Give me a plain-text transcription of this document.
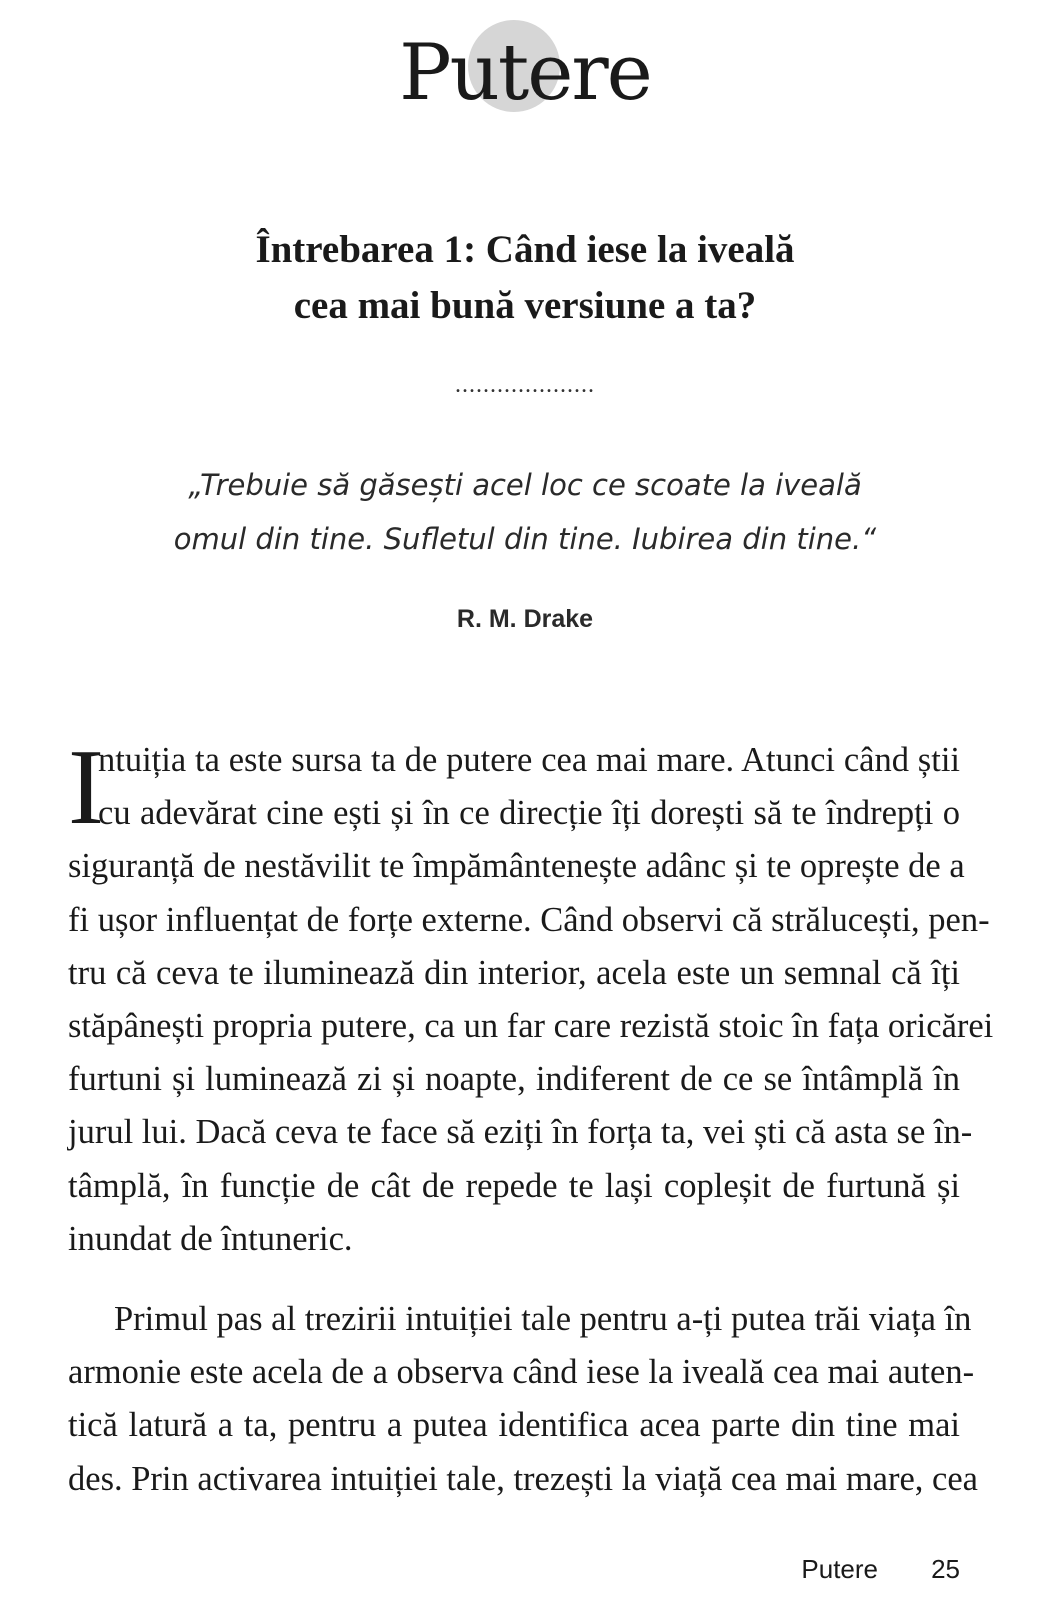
Putere
Întrebarea 1: Când iese la iveală
cea mai bună versiune a ta?
....................

„Trebuie să găsești acel loc ce scoate la iveală
omul din tine. Sufletul din tine. Iubirea din tine.“

R. M. Drake
I
ntuiția ta este sursa ta de putere cea mai mare. Atunci când știi
cu adevărat cine ești și în ce direcție îți dorești să te îndrepți o
siguranță de nestăvilit te împământenește adânc și te oprește de a
fi ușor influențat de forțe externe. Când observi că strălucești, pen-
tru că ceva te iluminează din interior, acela este un semnal că îți
stăpânești propria putere, ca un far care rezistă stoic în fața oricărei
furtuni și luminează zi și noapte, indiferent de ce se întâmplă în
jurul lui. Dacă ceva te face să eziți în forța ta, vei ști că asta se în-
tâmplă, în funcție de cât de repede te lași copleșit de furtună și
inundat de întuneric.
Primul pas al trezirii intuiției tale pentru a-ți putea trăi viața în
armonie este acela de a observa când iese la iveală cea mai auten-
tică latură a ta, pentru a putea identifica acea parte din tine mai
des. Prin activarea intuiției tale, trezești la viață cea mai mare, cea
Putere 25
